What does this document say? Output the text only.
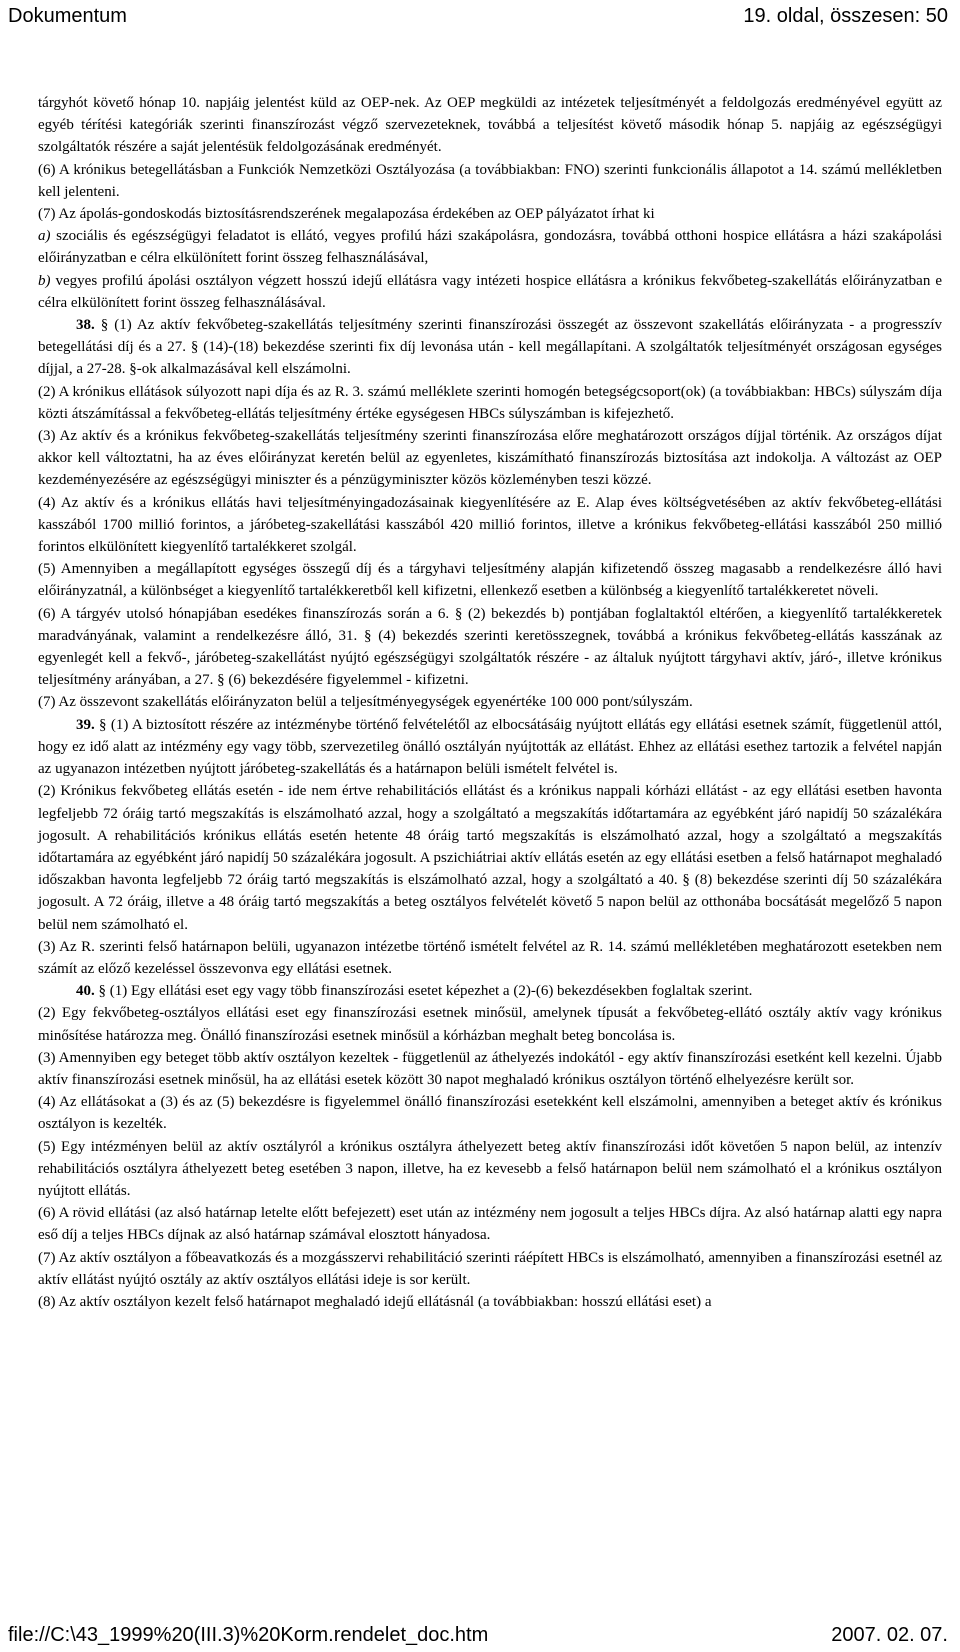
Dokumentum	19. oldal, összesen: 50

tárgyhót követő hónap 10. napjáig jelentést küld az OEP-nek. Az OEP megküldi az intézetek teljesítményét a feldolgozás eredményével együtt az egyéb térítési kategóriák szerinti finanszírozást végző szervezeteknek, továbbá a teljesítést követő második hónap 5. napjáig az egészségügyi szolgáltatók részére a saját jelentésük feldolgozásának eredményét.

(6) A krónikus betegellátásban a Funkciók Nemzetközi Osztályozása (a továbbiakban: FNO) szerinti funkcionális állapotot a 14. számú mellékletben kell jelenteni.

(7) Az ápolás-gondoskodás biztosításrendszerének megalapozása érdekében az OEP pályázatot írhat ki

a) szociális és egészségügyi feladatot is ellátó, vegyes profilú házi szakápolásra, gondozásra, továbbá otthoni hospice ellátásra a házi szakápolási előirányzatban e célra elkülönített forint összeg felhasználásával,

b) vegyes profilú ápolási osztályon végzett hosszú idejű ellátásra vagy intézeti hospice ellátásra a krónikus fekvőbeteg-szakellátás előirányzatban e célra elkülönített forint összeg felhasználásával.

38. § (1) Az aktív fekvőbeteg-szakellátás teljesítmény szerinti finanszírozási összegét az összevont szakellátás előirányzata - a progresszív betegellátási díj és a 27. § (14)-(18) bekezdése szerinti fix díj levonása után - kell megállapítani. A szolgáltatók teljesítményét országosan egységes díjjal, a 27-28. §-ok alkalmazásával kell elszámolni.

(2) A krónikus ellátások súlyozott napi díja és az R. 3. számú melléklete szerinti homogén betegségcsoport(ok) (a továbbiakban: HBCs) súlyszám díja közti átszámítással a fekvőbeteg-ellátás teljesítmény értéke egységesen HBCs súlyszámban is kifejezhető.

(3) Az aktív és a krónikus fekvőbeteg-szakellátás teljesítmény szerinti finanszírozása előre meghatározott országos díjjal történik. Az országos díjat akkor kell változtatni, ha az éves előirányzat keretén belül az egyenletes, kiszámítható finanszírozás biztosítása azt indokolja. A változást az OEP kezdeményezésére az egészségügyi miniszter és a pénzügyminiszter közös közleményben teszi közzé.

(4) Az aktív és a krónikus ellátás havi teljesítményingadozásainak kiegyenlítésére az E. Alap éves költségvetésében az aktív fekvőbeteg-ellátási kasszából 1700 millió forintos, a járóbeteg-szakellátási kasszából 420 millió forintos, illetve a krónikus fekvőbeteg-ellátási kasszából 250 millió forintos elkülönített kiegyenlítő tartalékkeret szolgál.

(5) Amennyiben a megállapított egységes összegű díj és a tárgyhavi teljesítmény alapján kifizetendő összeg magasabb a rendelkezésre álló havi előirányzatnál, a különbséget a kiegyenlítő tartalékkeretből kell kifizetni, ellenkező esetben a különbség a kiegyenlítő tartalékkeretet növeli.

(6) A tárgyév utolsó hónapjában esedékes finanszírozás során a 6. § (2) bekezdés b) pontjában foglaltaktól eltérően, a kiegyenlítő tartalékkeretek maradványának, valamint a rendelkezésre álló, 31. § (4) bekezdés szerinti keretösszegnek, továbbá a krónikus fekvőbeteg-ellátás kasszának az egyenlegét kell a fekvő-, járóbeteg-szakellátást nyújtó egészségügyi szolgáltatók részére - az általuk nyújtott tárgyhavi aktív, járó-, illetve krónikus teljesítmény arányában, a 27. § (6) bekezdésére figyelemmel - kifizetni.

(7) Az összevont szakellátás előirányzaton belül a teljesítményegységek egyenértéke 100 000 pont/súlyszám.

39. § (1) A biztosított részére az intézménybe történő felvételétől az elbocsátásáig nyújtott ellátás egy ellátási esetnek számít, függetlenül attól, hogy ez idő alatt az intézmény egy vagy több, szervezetileg önálló osztályán nyújtották az ellátást. Ehhez az ellátási esethez tartozik a felvétel napján az ugyanazon intézetben nyújtott járóbeteg-szakellátás és a határnapon belüli ismételt felvétel is.

(2) Krónikus fekvőbeteg ellátás esetén - ide nem értve rehabilitációs ellátást és a krónikus nappali kórházi ellátást - az egy ellátási esetben havonta legfeljebb 72 óráig tartó megszakítás is elszámolható azzal, hogy a szolgáltató a megszakítás időtartamára az egyébként járó napidíj 50 százalékára jogosult. A rehabilitációs krónikus ellátás esetén hetente 48 óráig tartó megszakítás is elszámolható azzal, hogy a szolgáltató a megszakítás időtartamára az egyébként járó napidíj 50 százalékára jogosult. A pszichiátriai aktív ellátás esetén az egy ellátási esetben a felső határnapot meghaladó időszakban havonta legfeljebb 72 óráig tartó megszakítás is elszámolható azzal, hogy a szolgáltató a 40. § (8) bekezdése szerinti díj 50 százalékára jogosult. A 72 óráig, illetve a 48 óráig tartó megszakítás a beteg osztályos felvételét követő 5 napon belül az otthonába bocsátását megelőző 5 napon belül nem számolható el.

(3) Az R. szerinti felső határnapon belüli, ugyanazon intézetbe történő ismételt felvétel az R. 14. számú mellékletében meghatározott esetekben nem számít az előző kezeléssel összevonva egy ellátási esetnek.

40. § (1) Egy ellátási eset egy vagy több finanszírozási esetet képezhet a (2)-(6) bekezdésekben foglaltak szerint.

(2) Egy fekvőbeteg-osztályos ellátási eset egy finanszírozási esetnek minősül, amelynek típusát a fekvőbeteg-ellátó osztály aktív vagy krónikus minősítése határozza meg. Önálló finanszírozási esetnek minősül a kórházban meghalt beteg boncolása is.

(3) Amennyiben egy beteget több aktív osztályon kezeltek - függetlenül az áthelyezés indokától - egy aktív finanszírozási esetként kell kezelni. Újabb aktív finanszírozási esetnek minősül, ha az ellátási esetek között 30 napot meghaladó krónikus osztályon történő elhelyezésre került sor.

(4) Az ellátásokat a (3) és az (5) bekezdésre is figyelemmel önálló finanszírozási esetekként kell elszámolni, amennyiben a beteget aktív és krónikus osztályon is kezelték.

(5) Egy intézményen belül az aktív osztályról a krónikus osztályra áthelyezett beteg aktív finanszírozási időt követően 5 napon belül, az intenzív rehabilitációs osztályra áthelyezett beteg esetében 3 napon, illetve, ha ez kevesebb a felső határnapon belül nem számolható el a krónikus osztályon nyújtott ellátás.

(6) A rövid ellátási (az alsó határnap letelte előtt befejezett) eset után az intézmény nem jogosult a teljes HBCs díjra. Az alsó határnap alatti egy napra eső díj a teljes HBCs díjnak az alsó határnap számával elosztott hányadosa.

(7) Az aktív osztályon a főbeavatkozás és a mozgásszervi rehabilitáció szerinti ráépített HBCs is elszámolható, amennyiben a finanszírozási esetnél az aktív ellátást nyújtó osztály az aktív osztályos ellátási ideje is sor került.

(8) Az aktív osztályon kezelt felső határnapot meghaladó idejű ellátásnál (a továbbiakban: hosszú ellátási eset) a

file://C:\43_1999%20(III.3)%20Korm.rendelet_doc.htm	2007. 02. 07.
